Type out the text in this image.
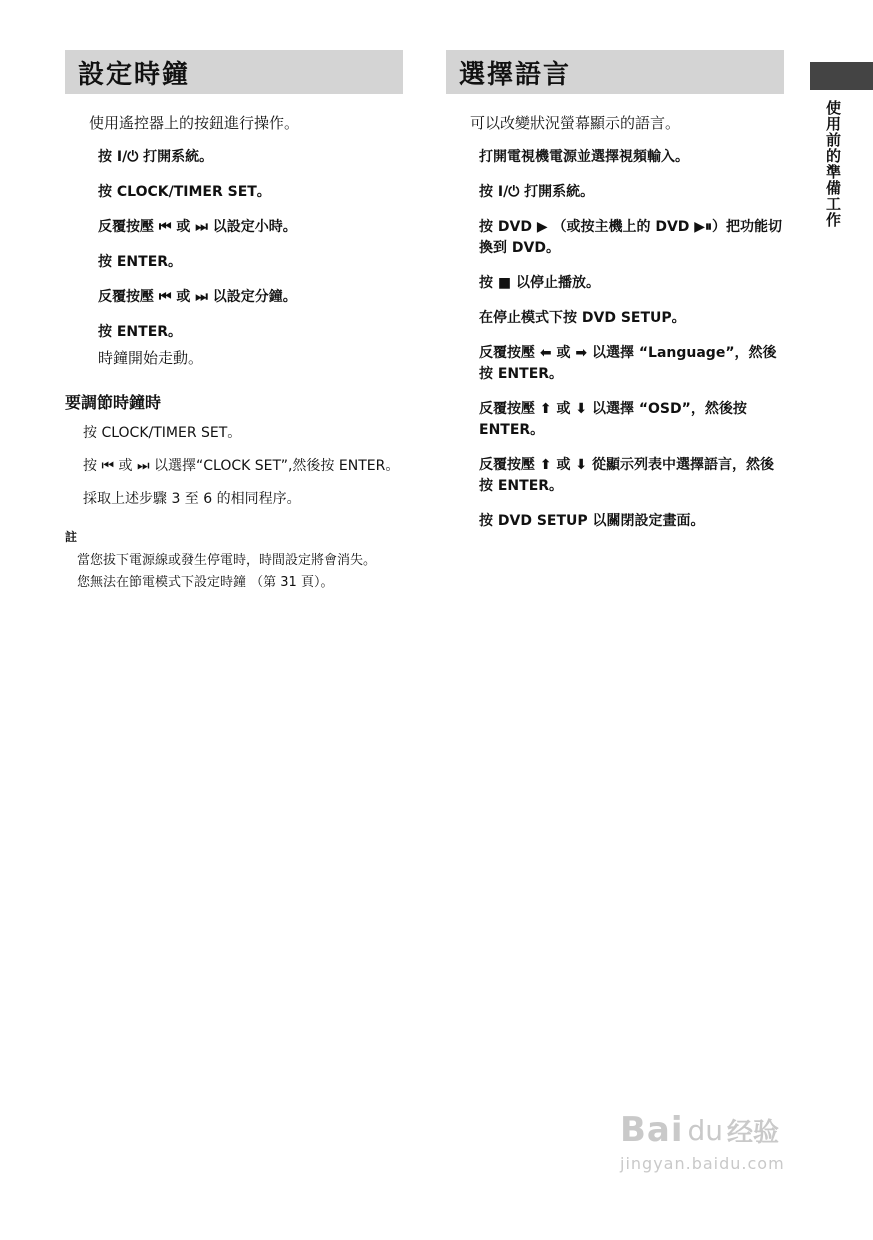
設定時鐘
使用遙控器上的按鈕進行操作。
按 I/⏻ 打開系統。
按 CLOCK/TIMER SET。
反覆按壓 ⏮ 或 ⏭ 以設定小時。
按 ENTER。
反覆按壓 ⏮ 或 ⏭ 以設定分鐘。
按 ENTER。
時鐘開始走動。
要調節時鐘時
按 CLOCK/TIMER SET。
按 ⏮ 或 ⏭ 以選擇“CLOCK SET”,然後按 ENTER。
採取上述步驟 3 至 6 的相同程序。
註
當您拔下電源線或發生停電時，時間設定將會消失。
您無法在節電模式下設定時鐘 （第 31 頁）。
選擇語言
可以改變狀況螢幕顯示的語言。
打開電視機電源並選擇視頻輸入。
按 I/⏻ 打開系統。
按 DVD ▶ （或按主機上的 DVD ▶⏸）把功能切換到 DVD。
按 ■ 以停止播放。
在停止模式下按 DVD SETUP。
反覆按壓 ⬅ 或 ➡ 以選擇 “Language”，然後按 ENTER。
反覆按壓 ⬆ 或 ⬇ 以選擇 “OSD”，然後按 ENTER。
反覆按壓 ⬆ 或 ⬇ 從顯示列表中選擇語言，然後按 ENTER。
按 DVD SETUP 以關閉設定畫面。
使用前的準備工作
Bai du 经验
jingyan.baidu.com
